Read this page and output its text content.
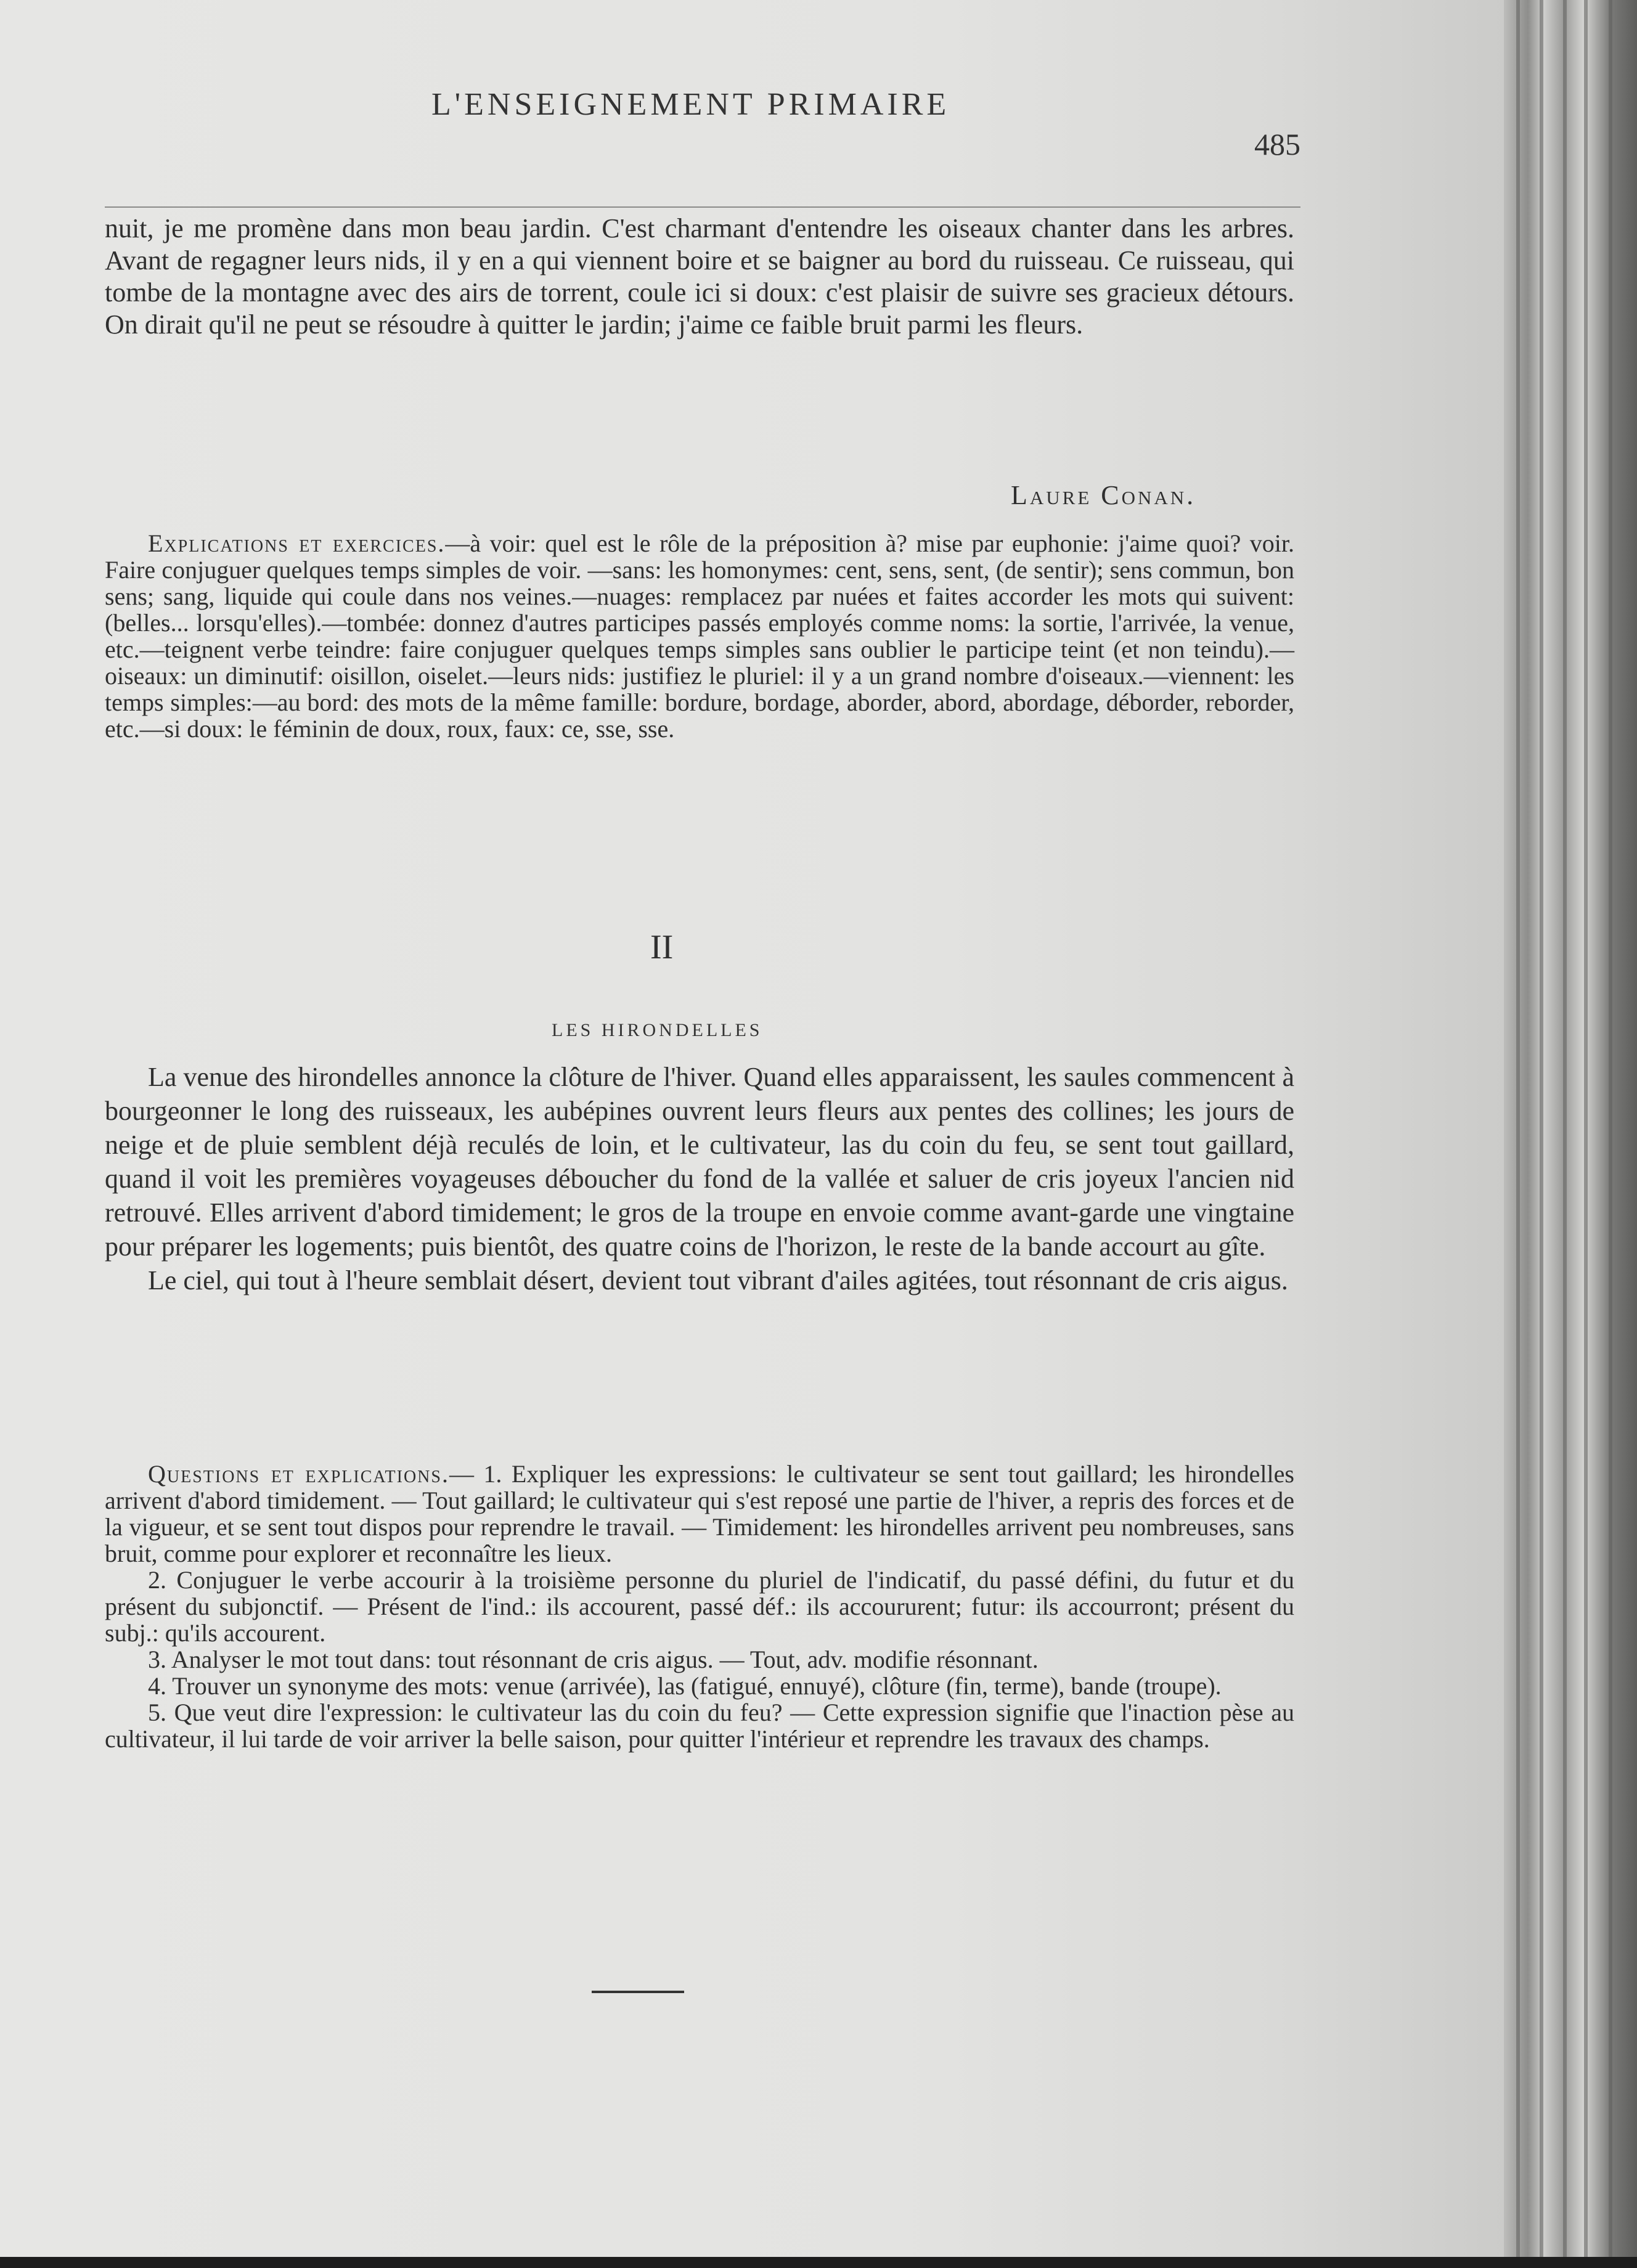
L'ENSEIGNEMENT PRIMAIRE
485

nuit, je me promène dans mon beau jardin. C'est charmant d'entendre les oiseaux chanter dans les arbres. Avant de regagner leurs nids, il y en a qui viennent boire et se baigner au bord du ruisseau. Ce ruisseau, qui tombe de la montagne avec des airs de torrent, coule ici si doux: c'est plaisir de suivre ses gracieux détours. On dirait qu'il ne peut se résoudre à quitter le jardin; j'aime ce faible bruit parmi les fleurs.

Laure Conan.

Explications et exercices.—à voir: quel est le rôle de la préposition à? mise par euphonie: j'aime quoi? voir. Faire conjuguer quelques temps simples de voir. —sans: les homonymes: cent, sens, sent, (de sentir); sens commun, bon sens; sang, liquide qui coule dans nos veines.—nuages: remplacez par nuées et faites accorder les mots qui suivent: (belles... lorsqu'elles).—tombée: donnez d'autres participes passés employés comme noms: la sortie, l'arrivée, la venue, etc.—teignent verbe teindre: faire conjuguer quelques temps simples sans oublier le participe teint (et non teindu).—oiseaux: un diminutif: oisillon, oiselet.—leurs nids: justifiez le pluriel: il y a un grand nombre d'oiseaux.—viennent: les temps simples:—au bord: des mots de la même famille: bordure, bordage, aborder, abord, abordage, déborder, reborder, etc.—si doux: le féminin de doux, roux, faux: ce, sse, sse.

II
LES HIRONDELLES

La venue des hirondelles annonce la clôture de l'hiver. Quand elles apparaissent, les saules commencent à bourgeonner le long des ruisseaux, les aubépines ouvrent leurs fleurs aux pentes des collines; les jours de neige et de pluie semblent déjà reculés de loin, et le cultivateur, las du coin du feu, se sent tout gaillard, quand il voit les premières voyageuses déboucher du fond de la vallée et saluer de cris joyeux l'ancien nid retrouvé. Elles arrivent d'abord timidement; le gros de la troupe en envoie comme avant-garde une vingtaine pour préparer les logements; puis bientôt, des quatre coins de l'horizon, le reste de la bande accourt au gîte.

Le ciel, qui tout à l'heure semblait désert, devient tout vibrant d'ailes agitées, tout résonnant de cris aigus.

Questions et explications.— 1. Expliquer les expressions: le cultivateur se sent tout gaillard; les hirondelles arrivent d'abord timidement. — Tout gaillard; le cultivateur qui s'est reposé une partie de l'hiver, a repris des forces et de la vigueur, et se sent tout dispos pour reprendre le travail. — Timidement: les hirondelles arrivent peu nombreuses, sans bruit, comme pour explorer et reconnaître les lieux.

2. Conjuguer le verbe accourir à la troisième personne du pluriel de l'indicatif, du passé défini, du futur et du présent du subjonctif. — Présent de l'ind.: ils accourent, passé déf.: ils accoururent; futur: ils accourront; présent du subj.: qu'ils accourent.

3. Analyser le mot tout dans: tout résonnant de cris aigus. — Tout, adv. modifie résonnant.

4. Trouver un synonyme des mots: venue (arrivée), las (fatigué, ennuyé), clôture (fin, terme), bande (troupe).

5. Que veut dire l'expression: le cultivateur las du coin du feu? — Cette expression signifie que l'inaction pèse au cultivateur, il lui tarde de voir arriver la belle saison, pour quitter l'intérieur et reprendre les travaux des champs.
